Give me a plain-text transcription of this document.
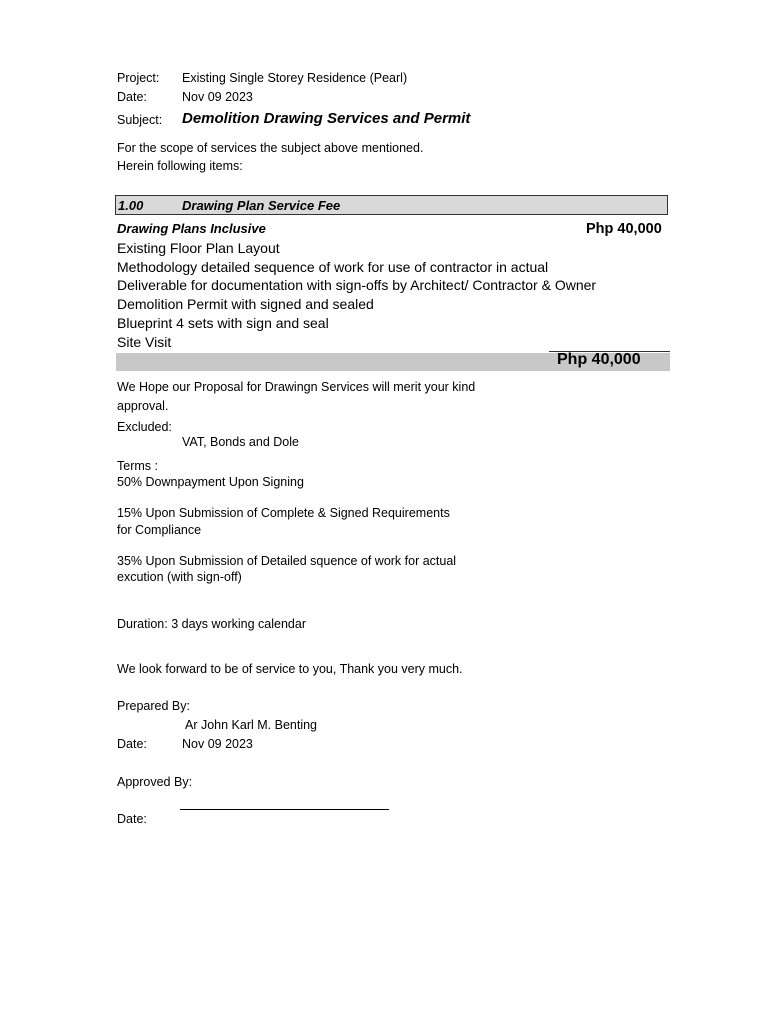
Project: Existing Single Storey Residence (Pearl)
Date:	Nov 09 2023
Subject: Demolition Drawing Services and Permit
For the scope of services the subject above mentioned.
Herein following items:
1.00	Drawing Plan Service Fee
Drawing Plans Inclusive	Php 40,000
Existing Floor Plan Layout
Methodology detailed sequence of work for use of contractor in actual
Deliverable for documentation with sign-offs by Architect/ Contractor & Owner
Demolition Permit with signed and sealed
Blueprint 4 sets with sign and seal
Site Visit
Php 40,000
We Hope our Proposal for Drawingn Services will merit your kind
approval.
Excluded:
VAT, Bonds and Dole
Terms :
50% Downpayment Upon Signing
15% Upon Submission of Complete & Signed Requirements
for Compliance
35% Upon Submission of Detailed squence of work for actual
excution (with sign-off)
Duration: 3 days working calendar
We look forward to be of service to you, Thank you very much.
Prepared By:
Ar John Karl M. Benting
Date:	Nov 09 2023
Approved By:
Date:
